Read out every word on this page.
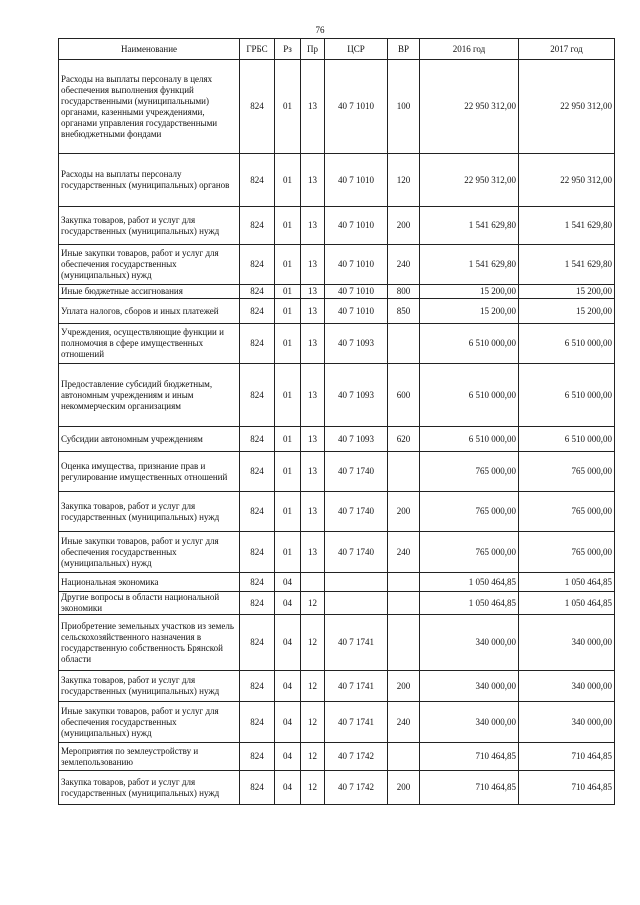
76
Наименование	ГРБС	Рз	Пр	ЦСР	ВР	2016 год	2017 год
Расходы на выплаты персоналу в целях обеспечения выполнения функций государственными (муниципальными) органами, казенными учреждениями, органами управления государственными внебюджетными фондами	824	01	13	40 7 1010	100	22 950 312,00	22 950 312,00
Расходы на выплаты персоналу государственных (муниципальных) органов	824	01	13	40 7 1010	120	22 950 312,00	22 950 312,00
Закупка товаров, работ и услуг для государственных (муниципальных) нужд	824	01	13	40 7 1010	200	1 541 629,80	1 541 629,80
Иные закупки товаров, работ и услуг для обеспечения государственных (муниципальных) нужд	824	01	13	40 7 1010	240	1 541 629,80	1 541 629,80
Иные бюджетные ассигнования	824	01	13	40 7 1010	800	15 200,00	15 200,00
Уплата налогов, сборов и иных платежей	824	01	13	40 7 1010	850	15 200,00	15 200,00
Учреждения, осуществляющие функции и полномочия в сфере имущественных отношений	824	01	13	40 7 1093		6 510 000,00	6 510 000,00
Предоставление субсидий бюджетным, автономным учреждениям и иным некоммерческим организациям	824	01	13	40 7 1093	600	6 510 000,00	6 510 000,00
Субсидии автономным учреждениям	824	01	13	40 7 1093	620	6 510 000,00	6 510 000,00
Оценка имущества, признание прав и регулирование имущественных отношений	824	01	13	40 7 1740		765 000,00	765 000,00
Закупка товаров, работ и услуг для государственных (муниципальных) нужд	824	01	13	40 7 1740	200	765 000,00	765 000,00
Иные закупки товаров, работ и услуг для обеспечения государственных (муниципальных) нужд	824	01	13	40 7 1740	240	765 000,00	765 000,00
Национальная экономика	824	04				1 050 464,85	1 050 464,85
Другие вопросы в области национальной экономики	824	04	12			1 050 464,85	1 050 464,85
Приобретение земельных участков из земель сельскохозяйственного назначения в государственную собственность Брянской области	824	04	12	40 7 1741		340 000,00	340 000,00
Закупка товаров, работ и услуг для государственных (муниципальных) нужд	824	04	12	40 7 1741	200	340 000,00	340 000,00
Иные закупки товаров, работ и услуг для обеспечения государственных (муниципальных) нужд	824	04	12	40 7 1741	240	340 000,00	340 000,00
Мероприятия по землеустройству и землепользованию	824	04	12	40 7 1742		710 464,85	710 464,85
Закупка товаров, работ и услуг для государственных (муниципальных) нужд	824	04	12	40 7 1742	200	710 464,85	710 464,85
